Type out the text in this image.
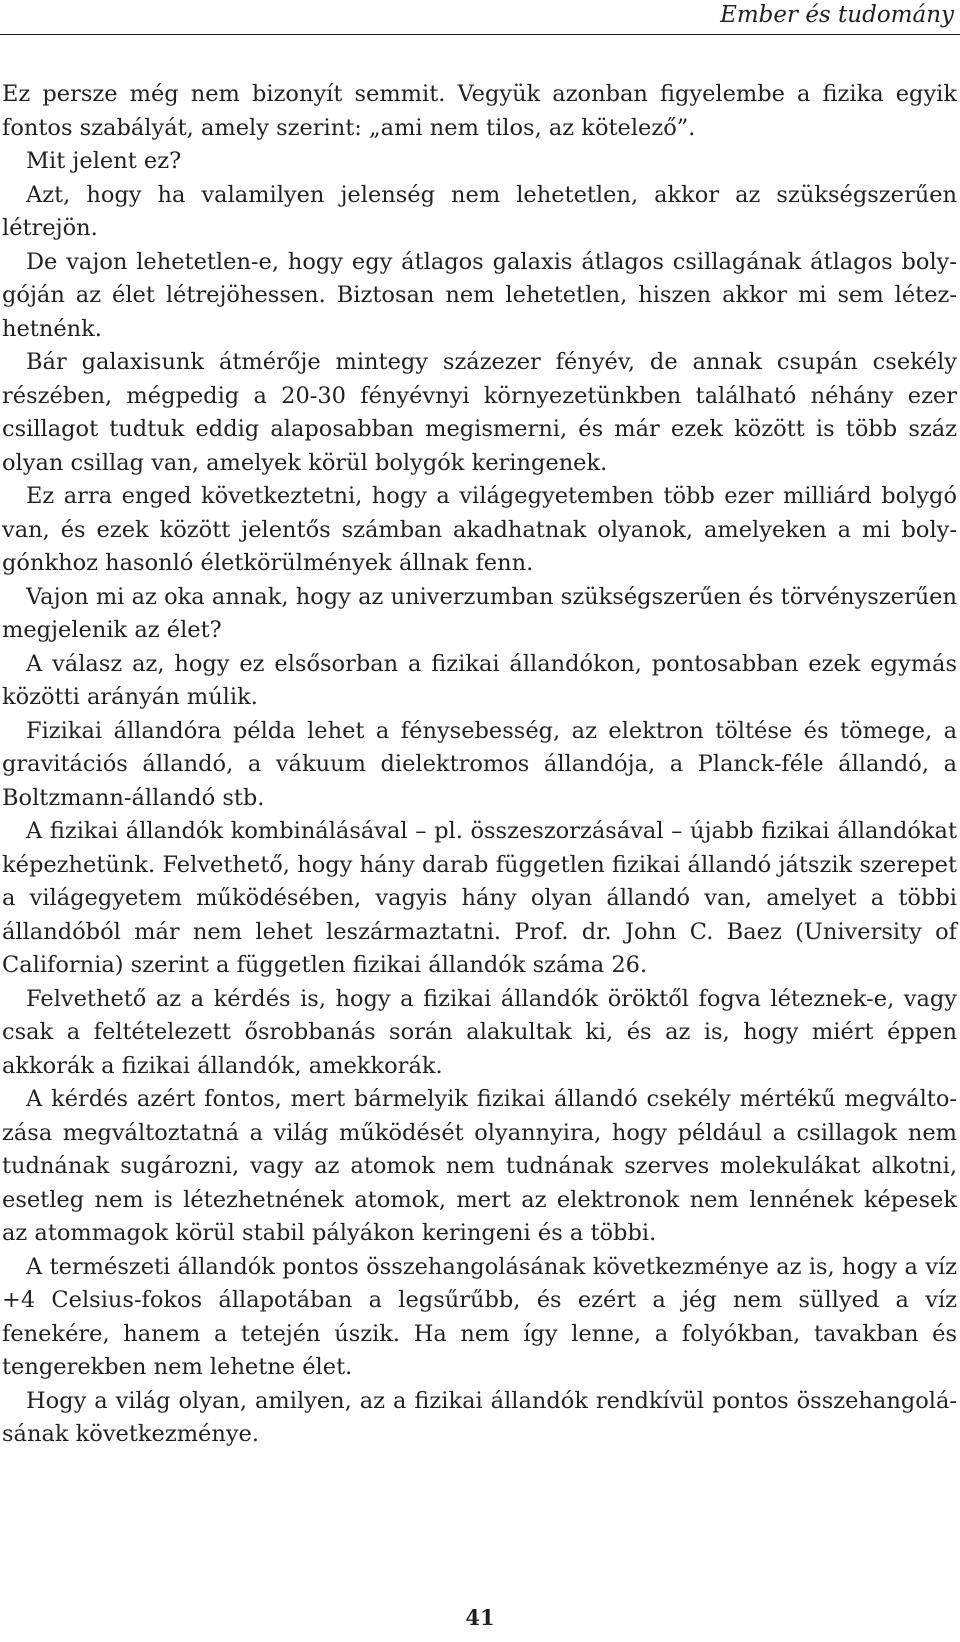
Ember és tudomány

Ez persze még nem bizonyít semmit. Vegyük azonban figyelembe a fizika egyik fontos szabályát, amely szerint: „ami nem tilos, az kötelező”.

Mit jelent ez?

Azt, hogy ha valamilyen jelenség nem lehetetlen, akkor az szükségszerűen létrejön.

De vajon lehetetlen-e, hogy egy átlagos galaxis átlagos csillagának átlagos bolygóján az élet létrejöhessen. Biztosan nem lehetetlen, hiszen akkor mi sem létezhetnénk.

Bár galaxisunk átmérője mintegy százezer fényév, de annak csupán csekély részében, mégpedig a 20-30 fényévnyi környezetünkben található néhány ezer csillagot tudtuk eddig alaposabban megismerni, és már ezek között is több száz olyan csillag van, amelyek körül bolygók keringenek.

Ez arra enged következtetni, hogy a világegyetemben több ezer milliárd bolygó van, és ezek között jelentős számban akadhatnak olyanok, amelyeken a mi bolygónkhoz hasonló életkörülmények állnak fenn.

Vajon mi az oka annak, hogy az univerzumban szükségszerűen és törvényszerűen megjelenik az élet?

A válasz az, hogy ez elsősorban a fizikai állandókon, pontosabban ezek egymás közötti arányán múlik.

Fizikai állandóra példa lehet a fénysebesség, az elektron töltése és tömege, a gravitációs állandó, a vákuum dielektromos állandója, a Planck-féle állandó, a Boltzmann-állandó stb.

A fizikai állandók kombinálásával – pl. összeszorzásával – újabb fizikai állandókat képezhetünk. Felvethető, hogy hány darab független fizikai állandó játszik szerepet a világegyetem működésében, vagyis hány olyan állandó van, amelyet a többi állandóból már nem lehet leszármaztatni. Prof. dr. John C. Baez (University of California) szerint a független fizikai állandók száma 26.

Felvethető az a kérdés is, hogy a fizikai állandók öröktől fogva léteznek-e, vagy csak a feltételezett ősrobbanás során alakultak ki, és az is, hogy miért éppen akkorák a fizikai állandók, amekkorák.

A kérdés azért fontos, mert bármelyik fizikai állandó csekély mértékű megváltozása megváltoztatná a világ működését olyannyira, hogy például a csillagok nem tudnának sugározni, vagy az atomok nem tudnának szerves molekulákat alkotni, esetleg nem is létezhetnének atomok, mert az elektronok nem lennének képesek az atommagok körül stabil pályákon keringeni és a többi.

A természeti állandók pontos összehangolásának következménye az is, hogy a víz +4 Celsius-fokos állapotában a legsűrűbb, és ezért a jég nem süllyed a víz fenekére, hanem a tetején úszik. Ha nem így lenne, a folyókban, tavakban és tengerekben nem lehetne élet.

Hogy a világ olyan, amilyen, az a fizikai állandók rendkívül pontos összehangolásának következménye.

41
